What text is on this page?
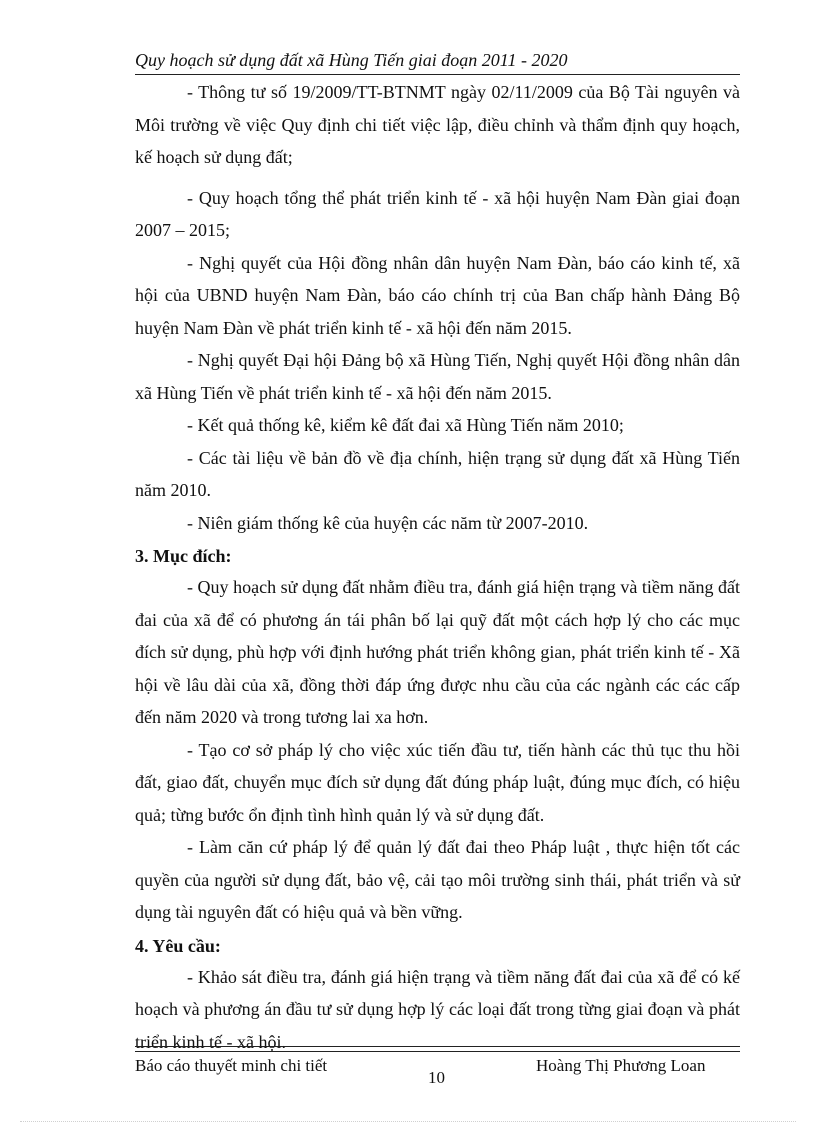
Quy hoạch sử dụng đất xã Hùng Tiến giai đoạn 2011 - 2020

- Thông tư số 19/2009/TT-BTNMT ngày 02/11/2009 của Bộ Tài nguyên và Môi trường về việc Quy định chi tiết việc lập, điều chỉnh và thẩm định quy hoạch, kế hoạch sử dụng đất;

- Quy hoạch tổng thể phát triển kinh tế - xã hội huyện Nam Đàn giai đoạn 2007 – 2015;

- Nghị quyết của Hội đồng nhân dân huyện Nam Đàn, báo cáo kinh tế, xã hội của UBND huyện Nam Đàn, báo cáo chính trị của Ban chấp hành Đảng Bộ huyện Nam Đàn về phát triển kinh tế - xã hội đến năm 2015.

- Nghị quyết Đại hội Đảng bộ xã Hùng Tiến, Nghị quyết Hội đồng nhân dân xã Hùng Tiến về phát triển kinh tế - xã hội đến năm 2015.

- Kết quả thống kê, kiểm kê đất đai xã Hùng Tiến năm 2010;

- Các tài liệu về bản đồ về địa chính, hiện trạng sử dụng đất xã Hùng Tiến năm 2010.

- Niên giám thống kê của huyện các năm từ 2007-2010.

3. Mục đích:

- Quy hoạch sử dụng đất nhằm điều tra, đánh giá hiện trạng và tiềm năng đất đai của xã để có phương án tái phân bố lại quỹ đất một cách hợp lý cho các mục đích sử dụng, phù hợp với định hướng phát triển không gian, phát triển kinh tế - Xã hội về lâu dài của xã, đồng thời đáp ứng được nhu cầu của các ngành các các cấp đến năm 2020 và trong tương lai xa hơn.

- Tạo cơ sở pháp lý cho việc xúc tiến đầu tư, tiến hành các thủ tục thu hồi đất, giao đất, chuyển mục đích sử dụng đất đúng pháp luật, đúng mục đích, có hiệu quả; từng bước ổn định tình hình quản lý và sử dụng đất.

- Làm căn cứ pháp lý để quản lý đất đai theo Pháp luật , thực hiện tốt các quyền của người sử dụng đất, bảo vệ, cải tạo môi trường sinh thái, phát triển và sử dụng tài nguyên đất có hiệu quả và bền vững.

4. Yêu cầu:

- Khảo sát điều tra, đánh giá hiện trạng và tiềm năng đất đai của xã để có kế hoạch và phương án đầu tư sử dụng hợp lý các loại đất trong từng giai đoạn và phát triển kinh tế - xã hội.

Báo cáo thuyết minh chi tiết	Hoàng Thị Phương Loan
10
